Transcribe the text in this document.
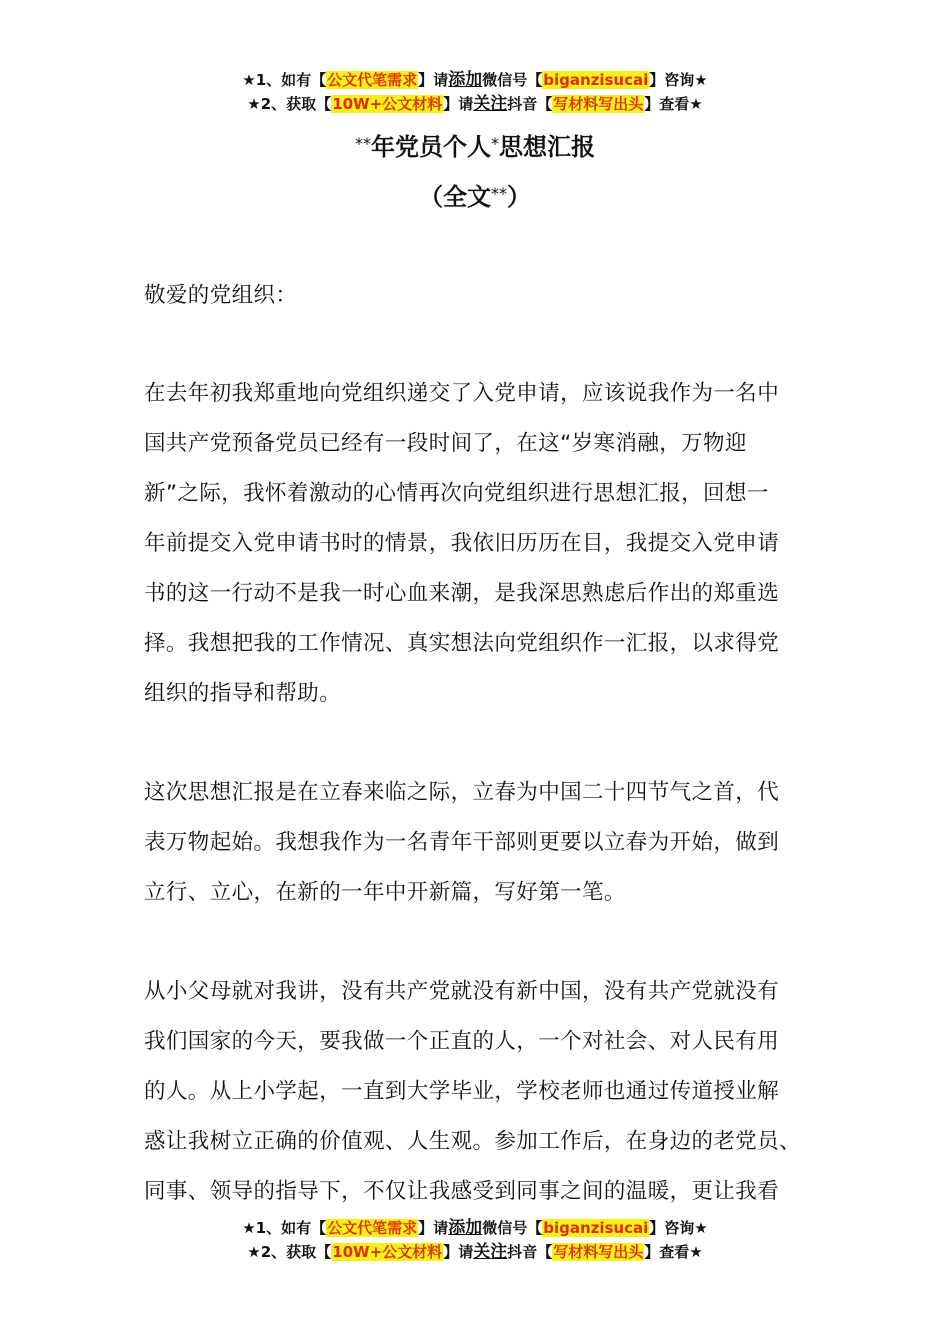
★1、如有【公文代笔需求】请添加微信号【biganzisucai】咨询★
★2、获取【10W+公文材料】请关注抖音【写材料写出头】查看★
**年党员个人*思想汇报
（全文**）

敬爱的党组织：

在去年初我郑重地向党组织递交了入党申请，应该说我作为一名中

国共产党预备党员已经有一段时间了，在这“岁寒消融，万物迎

新”之际，我怀着激动的心情再次向党组织进行思想汇报，回想一

年前提交入党申请书时的情景，我依旧历历在目，我提交入党申请

书的这一行动不是我一时心血来潮，是我深思熟虑后作出的郑重选

择。我想把我的工作情况、真实想法向党组织作一汇报，以求得党

组织的指导和帮助。

这次思想汇报是在立春来临之际，立春为中国二十四节气之首，代

表万物起始。我想我作为一名青年干部则更要以立春为开始，做到

立行、立心，在新的一年中开新篇，写好第一笔。

从小父母就对我讲，没有共产党就没有新中国，没有共产党就没有

我们国家的今天，要我做一个正直的人，一个对社会、对人民有用

的人。从上小学起，一直到大学毕业，学校老师也通过传道授业解

惑让我树立正确的价值观、人生观。参加工作后，在身边的老党员、

同事、领导的指导下，不仅让我感受到同事之间的温暖，更让我看

★1、如有【公文代笔需求】请添加微信号【biganzisucai】咨询★
★2、获取【10W+公文材料】请关注抖音【写材料写出头】查看★
